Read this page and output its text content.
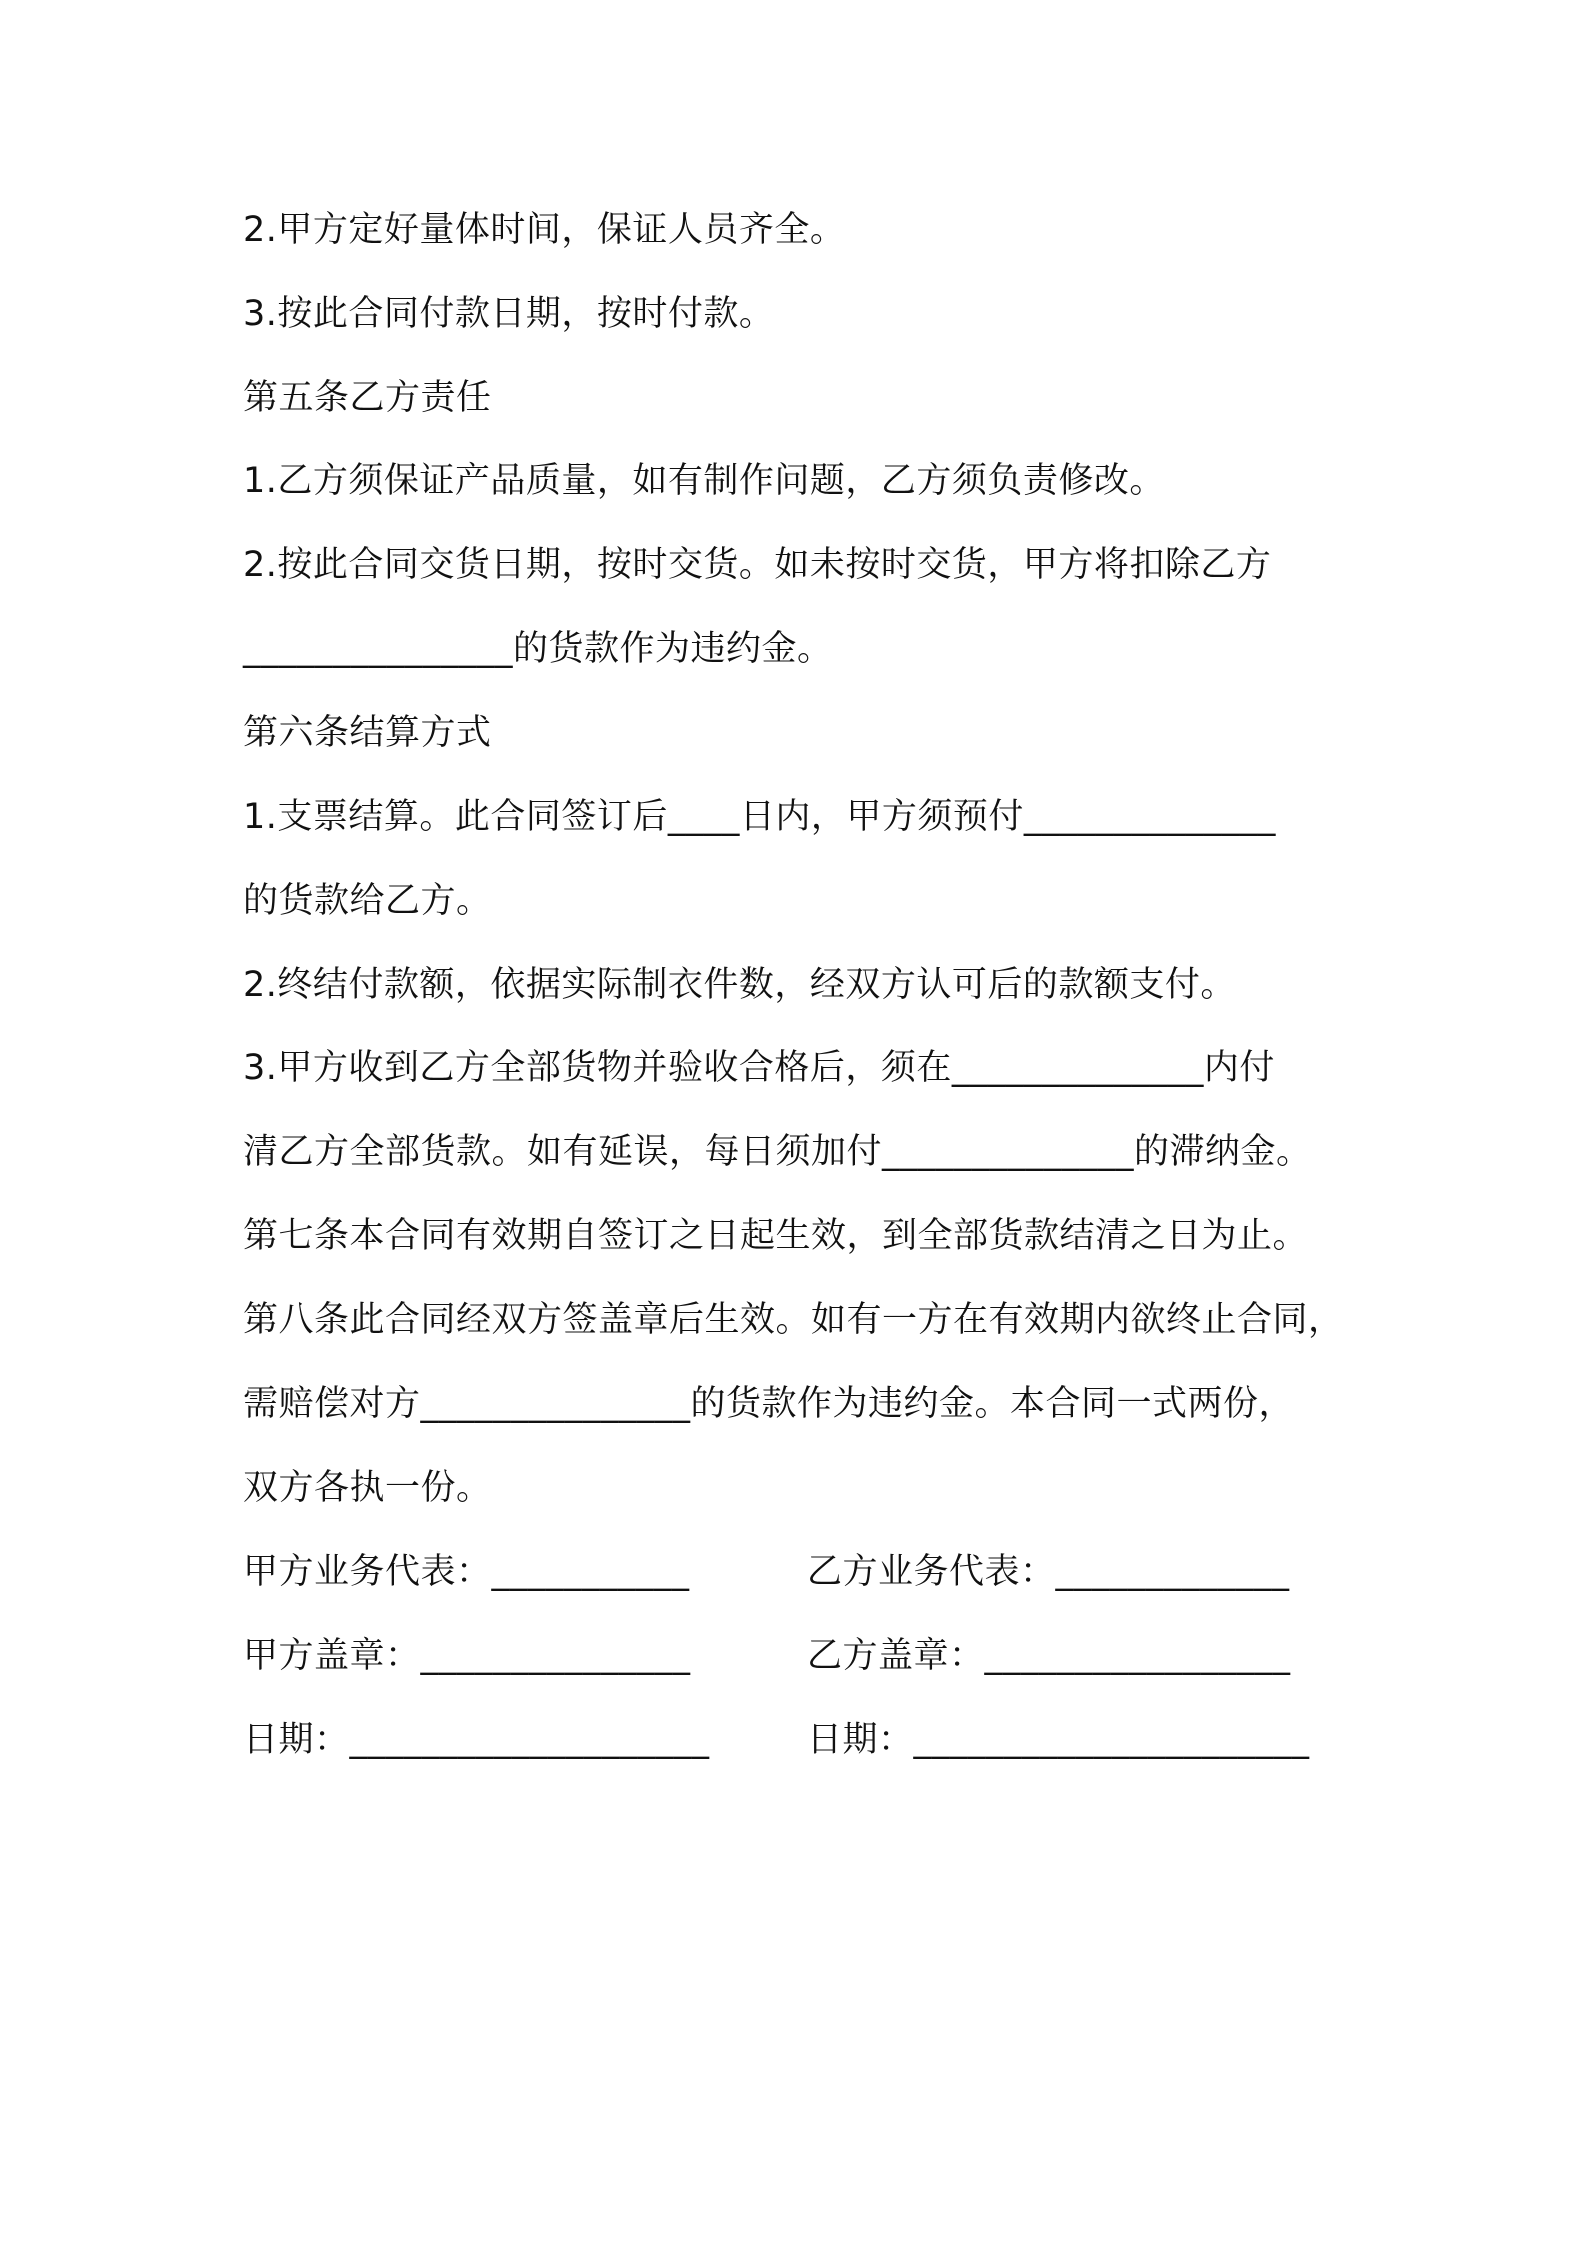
2.甲方定好量体时间，保证人员齐全。
3.按此合同付款日期，按时付款。
第五条乙方责任
1.乙方须保证产品质量，如有制作问题，乙方须负责修改。
2.按此合同交货日期，按时交货。如未按时交货，甲方将扣除乙方
_______________的货款作为违约金。
第六条结算方式
1.支票结算。此合同签订后____日内，甲方须预付______________
的货款给乙方。
2.终结付款额，依据实际制衣件数，经双方认可后的款额支付。
3.甲方收到乙方全部货物并验收合格后，须在______________内付
清乙方全部货款。如有延误，每日须加付______________的滞纳金。
第七条本合同有效期自签订之日起生效，到全部货款结清之日为止。
第八条此合同经双方签盖章后生效。如有一方在有效期内欲终止合同，
需赔偿对方_______________的货款作为违约金。本合同一式两份，
双方各执一份。
甲方业务代表：___________	乙方业务代表：_____________
甲方盖章：_______________	乙方盖章：_________________
日期：____________________	日期：______________________
